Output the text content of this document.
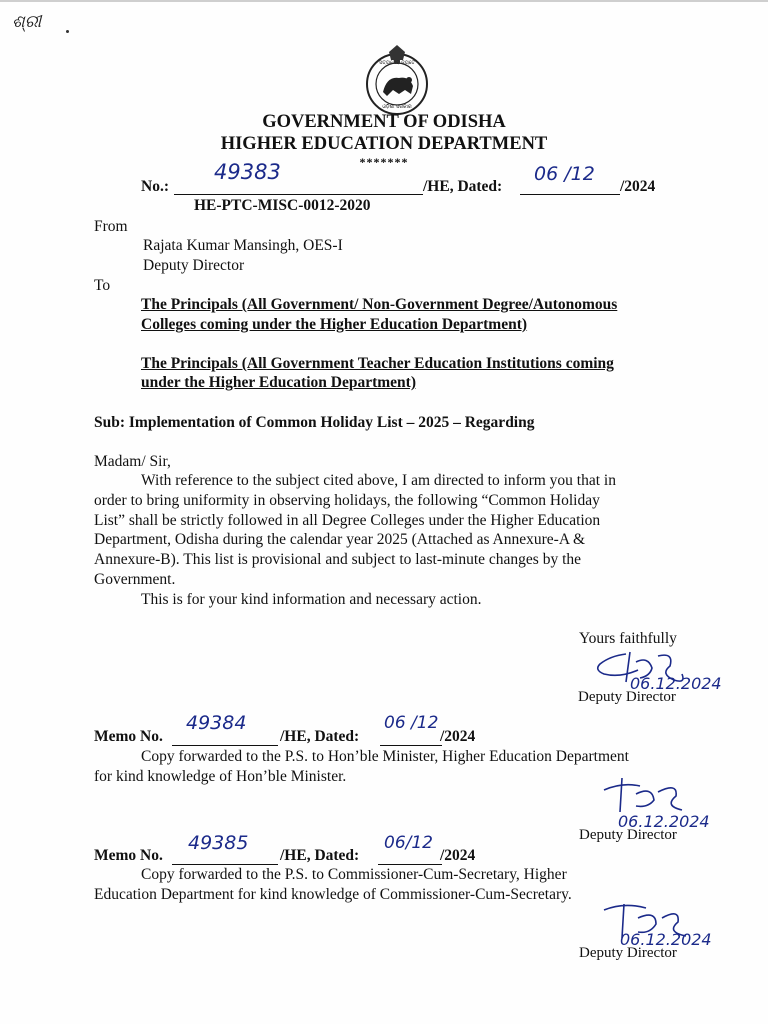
ଶ୍ରୀ
ସତ୍ୟମେବ ଜୟତେ
ଓଡ଼ିଶା ସରକାର
GOVERNMENT OF ODISHA
HIGHER EDUCATION DEPARTMENT
*******
No.:
49383
/HE, Dated:
06 /12
/2024
HE-PTC-MISC-0012-2020
From
Rajata Kumar Mansingh, OES-I
Deputy Director
To
The Principals (All Government/ Non-Government Degree/Autonomous
Colleges coming under the Higher Education Department)
The Principals (All Government Teacher Education Institutions coming
under the Higher Education Department)
Sub: Implementation of Common Holiday List – 2025 – Regarding
Madam/ Sir,
With reference to the subject cited above, I am directed to inform you that in
order to bring uniformity in observing holidays, the following “Common Holiday
List” shall be strictly followed in all Degree Colleges under the Higher Education
Department, Odisha during the calendar year 2025 (Attached as Annexure-A &
Annexure-B). This list is provisional and subject to last-minute changes by the
Government.
This is for your kind information and necessary action.
Yours faithfully
Deputy Director
06.12.2024
Memo No.
49384
/HE, Dated:
06 /12
/2024
Copy forwarded to the P.S. to Hon’ble Minister, Higher Education Department
for kind knowledge of Hon’ble Minister.
Deputy Director
06.12.2024
Memo No.
49385
/HE, Dated:
06/12
/2024
Copy forwarded to the P.S. to Commissioner-Cum-Secretary, Higher
Education Department for kind knowledge of Commissioner-Cum-Secretary.
Deputy Director
06.12.2024
